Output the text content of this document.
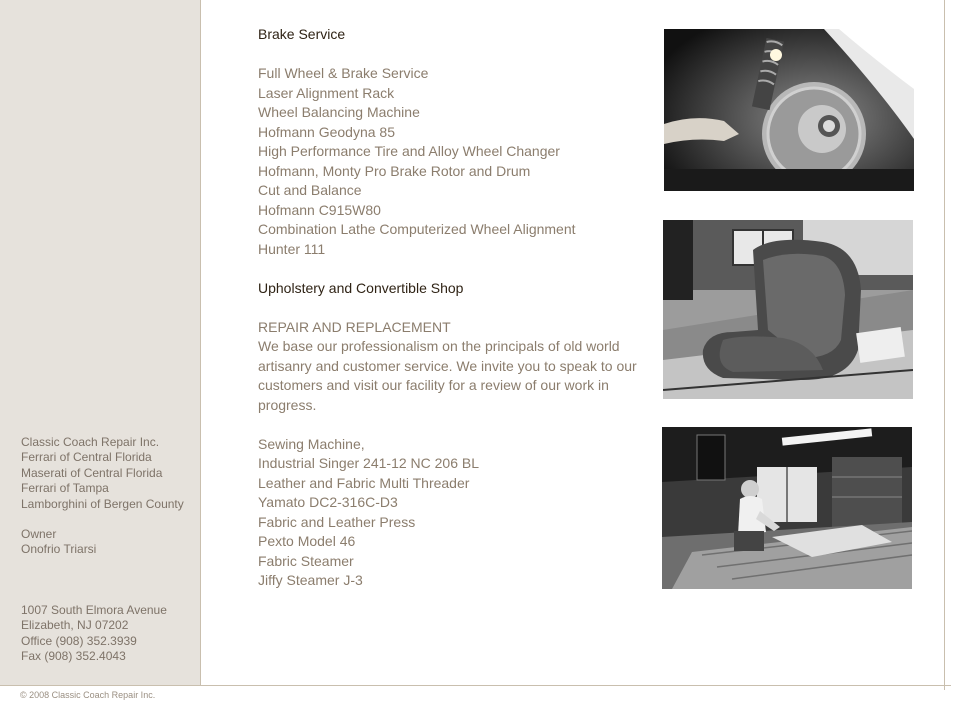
Classic Coach Repair Inc.
Ferrari of Central Florida
Maserati of Central Florida
Ferrari of Tampa
Lamborghini of Bergen County
Owner
Onofrio Triarsi
1007 South Elmora Avenue
Elizabeth, NJ 07202
Office (908) 352.3939
Fax (908) 352.4043
Brake Service
Full Wheel & Brake Service
Laser Alignment Rack
Wheel Balancing Machine
Hofmann Geodyna 85
High Performance Tire and Alloy Wheel Changer
Hofmann, Monty Pro Brake Rotor and Drum
Cut and Balance
Hofmann C915W80
Combination Lathe Computerized Wheel Alignment
Hunter 111
Upholstery and Convertible Shop
REPAIR AND REPLACEMENT
We base our professionalism on the principals of old world artisanry and customer service. We invite you to speak to our customers and visit our facility for a review of our work in progress.
Sewing Machine,
Industrial Singer 241-12 NC 206 BL
Leather and Fabric Multi Threader
Yamato DC2-316C-D3
Fabric and Leather Press
Pexto Model 46
Fabric Steamer
Jiffy Steamer J-3
© 2008 Classic Coach Repair Inc.
